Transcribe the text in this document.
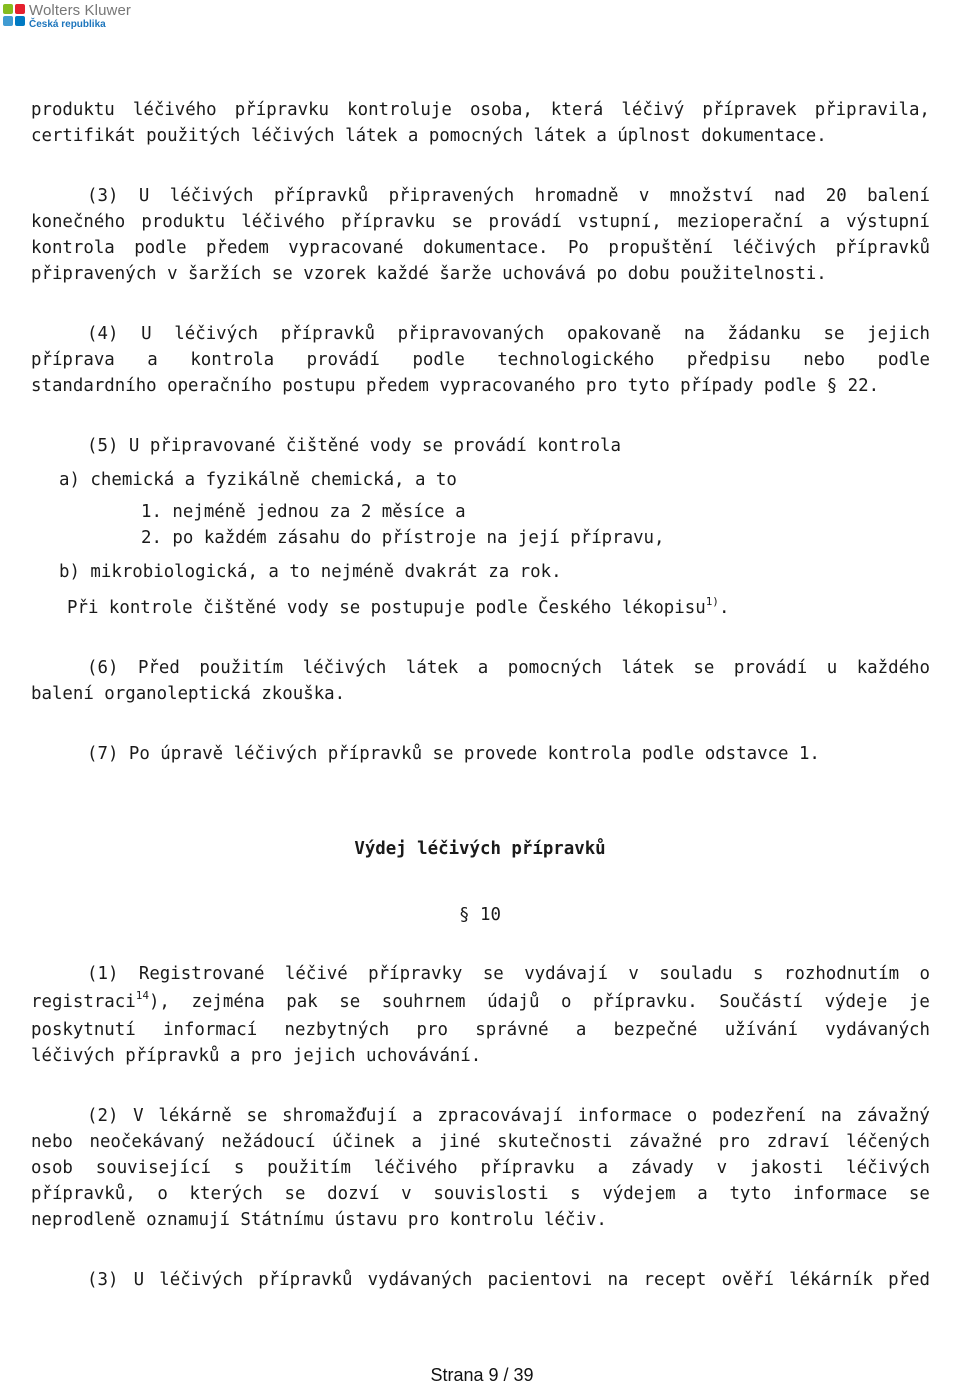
Wolters Kluwer
Česká republika
produktu léčivého přípravku kontroluje osoba, která léčivý přípravek připravila,
certifikát použitých léčivých látek a pomocných látek a úplnost dokumentace.
(3) U léčivých přípravků připravených hromadně v množství nad 20 balení
konečného produktu léčivého přípravku se provádí vstupní, mezioperační a výstupní
kontrola podle předem vypracované dokumentace. Po propuštění léčivých přípravků
připravených v šaržích se vzorek každé šarže uchovává po dobu použitelnosti.
(4) U léčivých přípravků připravovaných opakovaně na žádanku se jejich
příprava a kontrola provádí podle technologického předpisu nebo podle
standardního operačního postupu předem vypracovaného pro tyto případy podle § 22.
(5) U připravované čištěné vody se provádí kontrola
a) chemická a fyzikálně chemická, a to
1. nejméně jednou za 2 měsíce a
2. po každém zásahu do přístroje na její přípravu,
b) mikrobiologická, a to nejméně dvakrát za rok.
Při kontrole čištěné vody se postupuje podle Českého lékopisu$^{1)}$.
(6) Před použitím léčivých látek a pomocných látek se provádí u každého
balení organoleptická zkouška.
(7) Po úpravě léčivých přípravků se provede kontrola podle odstavce 1.
Výdej léčivých přípravků
§ 10
(1) Registrované léčivé přípravky se vydávají v souladu s rozhodnutím o
registraci$^{14}$), zejména pak se souhrnem údajů o přípravku. Součástí výdeje je
poskytnutí informací nezbytných pro správné a bezpečné užívání vydávaných
léčivých přípravků a pro jejich uchovávání.
(2) V lékárně se shromažďují a zpracovávají informace o podezření na závažný
nebo neočekávaný nežádoucí účinek a jiné skutečnosti závažné pro zdraví léčených
osob související s použitím léčivého přípravku a závady v jakosti léčivých
přípravků, o kterých se dozví v souvislosti s výdejem a tyto informace se
neprodleně oznamují Státnímu ústavu pro kontrolu léčiv.
(3) U léčivých přípravků vydávaných pacientovi na recept ověří lékárník před
Strana 9 / 39
